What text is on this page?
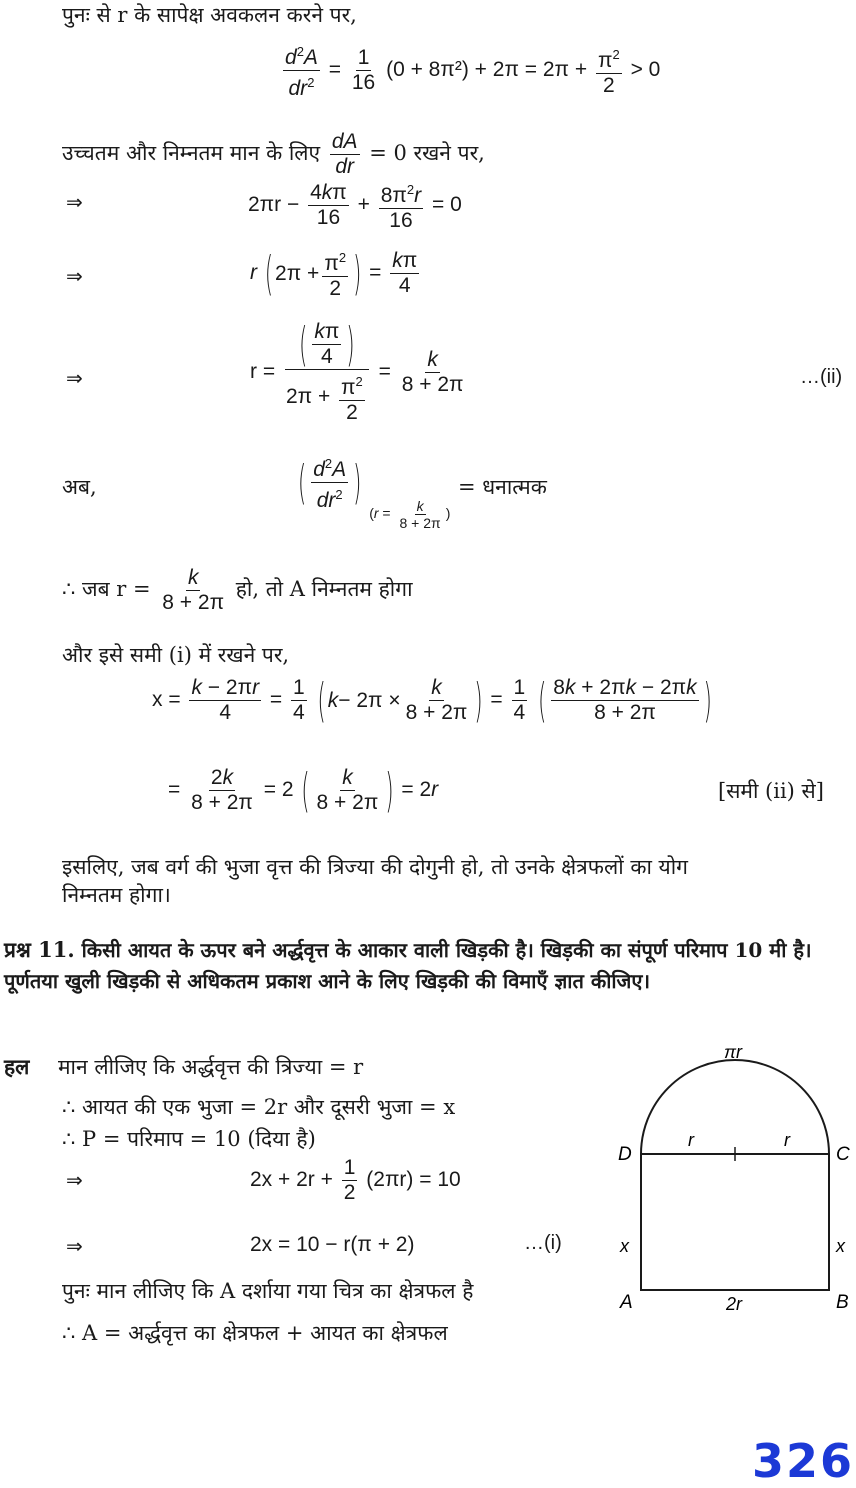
पुनः से r के सापेक्ष अवकलन करने पर,
$\frac{d^2A}{dr^2} = \frac{1}{16} (0 + 8\pi^2) + 2\pi = 2\pi + \frac{\pi^2}{2} > 0$
उच्चतम और निम्नतम मान के लिए $\frac{dA}{dr} = 0$ रखने पर,
⇒	$2\pi r - \frac{4k\pi}{16} + \frac{8\pi^2r}{16} = 0$
⇒	r ( $2\pi + \frac{\pi^2}{2}$ ) = $\frac{k\pi}{4}$
⇒	$r = \frac{( \frac{k\pi}{4} )}{2\pi + \frac{\pi^2}{2}} = \frac{k}{8 + 2\pi}$	…(ii)
अब,	( $\frac{d^2A}{dr^2}$ )
($r = \frac{k}{8 + 2\pi}$ )
= धनात्मक
∴ जब $r = \frac{k}{8 + 2\pi}$ हो, तो A निम्नतम होगा
और इसे समी (i) में रखने पर,
$x = \frac{k - 2\pi r}{4} = \frac{1}{4}$
( $k - 2\pi \times \frac{k}{8 + 2\pi}$ ) = $\frac{1}{4}$
( $\frac{8k + 2\pi k - 2\pi k}{8 + 2\pi}$ )
= $\frac{2k}{8 + 2\pi} = 2$ ( $\frac{k}{8 + 2\pi}$ ) = 2r	[समी (ii) से]
इसलिए, जब वर्ग की भुजा वृत्त की त्रिज्या की दोगुनी हो, तो उनके क्षेत्रफलों का योग
निम्नतम होगा।
प्रश्न 11. किसी आयत के ऊपर बने अर्द्धवृत्त के आकार वाली खिड़की है। खिड़की का संपूर्ण परिमाप 10 मी है। पूर्णतया खुली खिड़की से अधिकतम प्रकाश आने के लिए खिड़की की विमाएँ ज्ञात कीजिए।
हल मान लीजिए कि अर्द्धवृत्त की त्रिज्या = r
∴ आयत की एक भुजा = 2r और दूसरी भुजा = x
∴ P = परिमाप = 10 (दिया है)
⇒	$2x + 2r + \frac{1}{2} (2\pi r) = 10$
⇒	2x = 10 − r(π + 2)	…(i)
पुनः मान लीजिए कि A दर्शाया गया चित्र का क्षेत्रफल है
∴ A = अर्द्धवृत्त का क्षेत्रफल + आयत का क्षेत्रफल
πr
D	C
A	B
r	r
x	x
2r
326
